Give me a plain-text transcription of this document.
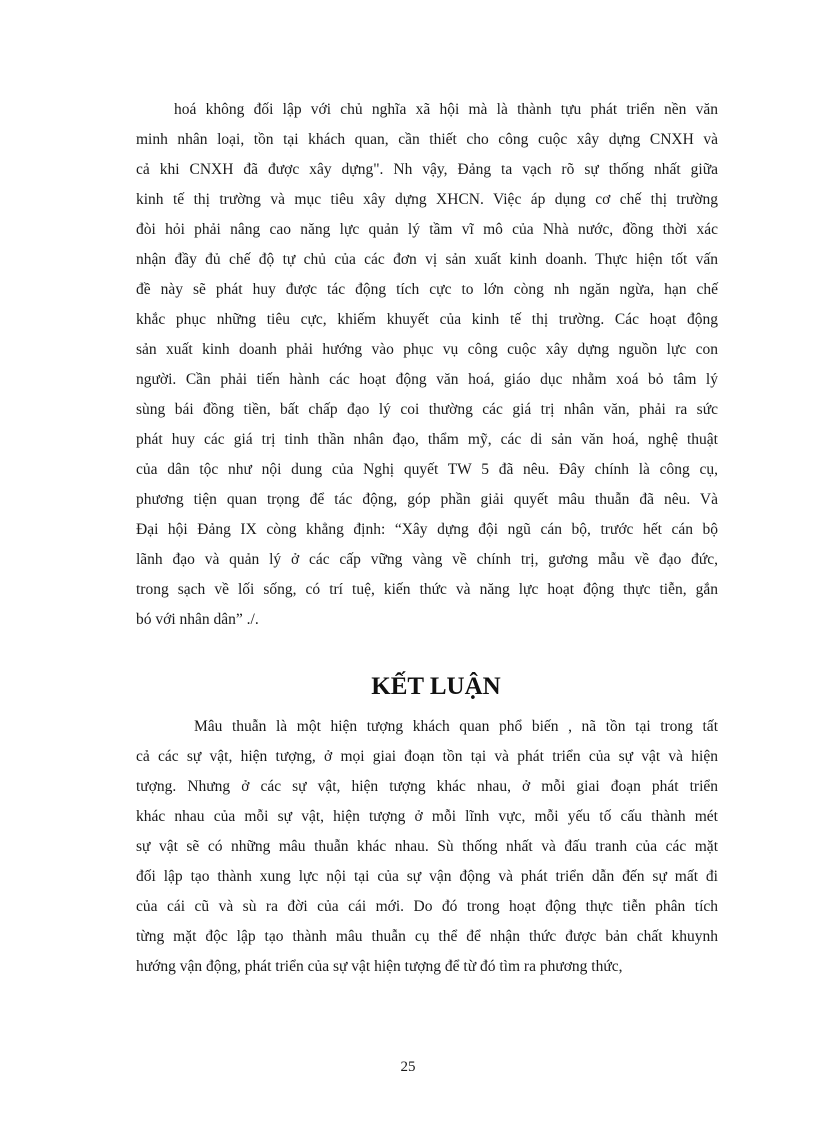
hoá không đối lập với chủ nghĩa xã hội mà là thành tựu phát triển nền văn
minh nhân loại, tồn tại khách quan, cần thiết cho công cuộc xây dựng CNXH và
cả khi CNXH đã được xây dựng". Nh vậy, Đảng ta vạch rõ sự thống nhất giữa
kinh tế thị trường và mục tiêu xây dựng XHCN. Việc áp dụng cơ chế thị trường
đòi hỏi phải nâng cao năng lực quản lý tầm vĩ mô của Nhà nước, đồng thời xác
nhận đầy đủ chế độ tự chủ của các đơn vị sản xuất kinh doanh. Thực hiện tốt vấn
đề này sẽ phát huy được tác động tích cực to lớn còng nh ngăn ngừa, hạn chế
khắc phục những tiêu cực, khiếm khuyết của kinh tế thị trường. Các hoạt động
sản xuất kinh doanh phải hướng vào phục vụ công cuộc xây dựng nguồn lực con
người. Cần phải tiến hành các hoạt động văn hoá, giáo dục nhằm xoá bỏ tâm lý
sùng bái đồng tiền, bất chấp đạo lý coi thường các giá trị nhân văn, phải ra sức
phát huy các giá trị tinh thần nhân đạo, thẩm mỹ, các di sản văn hoá, nghệ thuật
của dân tộc như nội dung của Nghị quyết TW 5 đã nêu. Đây chính là công cụ,
phương tiện quan trọng để tác động, góp phần giải quyết mâu thuẫn đã nêu. Và
Đại hội Đảng IX còng khẳng định: “Xây dựng đội ngũ cán bộ, trước hết cán bộ
lãnh đạo và quản lý ở các cấp vững vàng về chính trị, gương mẫu về đạo đức,
trong sạch về lối sống, có trí tuệ, kiến thức và năng lực hoạt động thực tiễn, gắn
bó với nhân dân” ./.
KẾT LUẬN
Mâu thuẫn là một hiện tượng khách quan phổ biến , nã tồn tại trong tất
cả các sự vật, hiện tượng, ở mọi giai đoạn tồn tại và phát triển của sự vật và hiện
tượng. Nhưng ở các sự vật, hiện tượng khác nhau, ở mỗi giai đoạn phát triển
khác nhau của mỗi sự vật, hiện tượng ở mỗi lĩnh vực, mỗi yếu tố cấu thành mét
sự vật sẽ có những mâu thuẫn khác nhau. Sù thống nhất và đấu tranh của các mặt
đối lập tạo thành xung lực nội tại của sự vận động và phát triển dẫn đến sự mất đi
của cái cũ và sù ra đời của cái mới. Do đó trong hoạt động thực tiễn phân tích
từng mặt độc lập tạo thành mâu thuẫn cụ thể để nhận thức được bản chất khuynh
hướng vận động, phát triển của sự vật hiện tượng để từ đó tìm ra phương thức,
25
